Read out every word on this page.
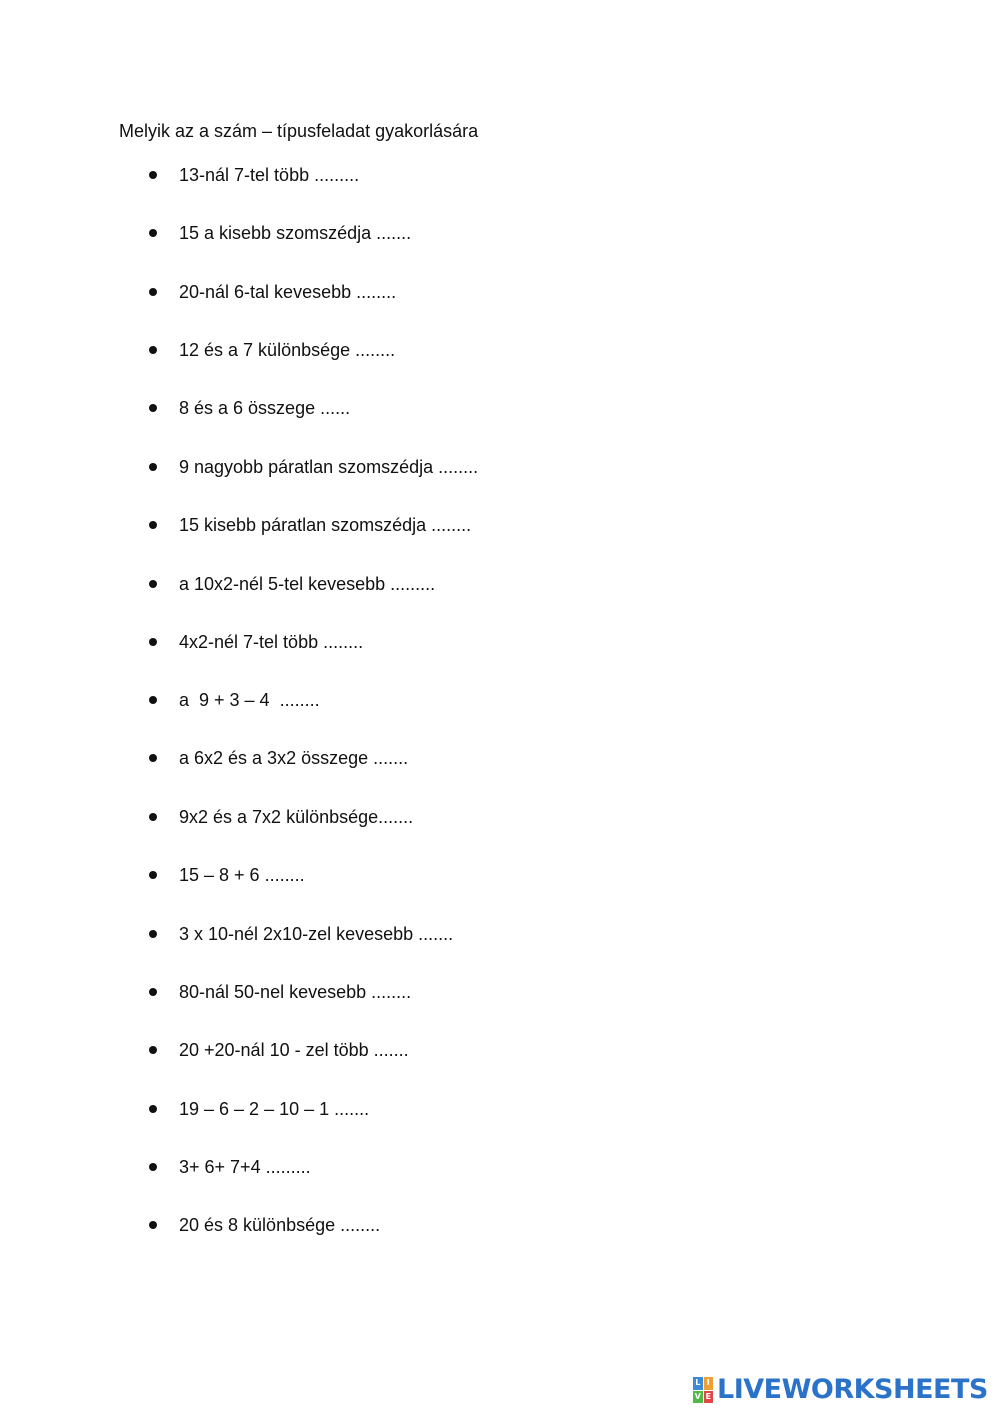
Melyik az a szám – típusfeladat gyakorlására
13-nál 7-tel több .........
15 a kisebb szomszédja .......
20-nál 6-tal kevesebb ........
12 és a 7 különbsége ........
8 és a 6 összege ......
9 nagyobb páratlan szomszédja ........
15 kisebb páratlan szomszédja ........
a 10x2-nél 5-tel kevesebb .........
4x2-nél 7-tel több ........
a  9 + 3 – 4  ........
a 6x2 és a 3x2 összege .......
9x2 és a 7x2 különbsége.......
15 – 8 + 6 ........
3 x 10-nél 2x10-zel kevesebb .......
80-nál 50-nel kevesebb ........
20 +20-nál 10 - zel több .......
19 – 6 – 2 – 10 – 1 .......
3+ 6+ 7+4 .........
20 és 8 különbsége ........
L I
V E LIVEWORKSHEETS
